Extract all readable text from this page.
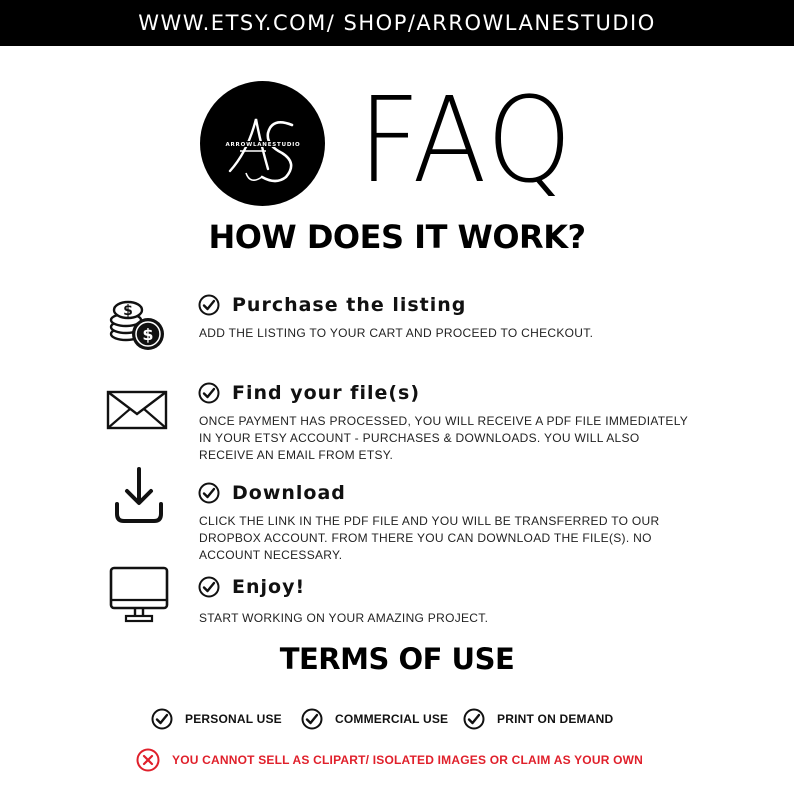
WWW.ETSY.COM/ SHOP/ARROWLANESTUDIO
ARROWLANESTUDIO FAQ
HOW DOES IT WORK?
$
$
Purchase the listing
ADD THE LISTING TO YOUR CART AND PROCEED TO CHECKOUT.
Find your file(s)
ONCE PAYMENT HAS PROCESSED, YOU WILL RECEIVE A PDF FILE IMMEDIATELY
IN YOUR ETSY ACCOUNT - PURCHASES & DOWNLOADS. YOU WILL ALSO
RECEIVE AN EMAIL FROM ETSY.
Download
CLICK THE LINK IN THE PDF FILE AND YOU WILL BE TRANSFERRED TO OUR
DROPBOX ACCOUNT. FROM THERE YOU CAN DOWNLOAD THE FILE(S). NO
ACCOUNT NECESSARY.
Enjoy!
START WORKING ON YOUR AMAZING PROJECT.
TERMS OF USE
PERSONAL USE	COMMERCIAL USE	PRINT ON DEMAND
YOU CANNOT SELL AS CLIPART/ ISOLATED IMAGES OR CLAIM AS YOUR OWN
